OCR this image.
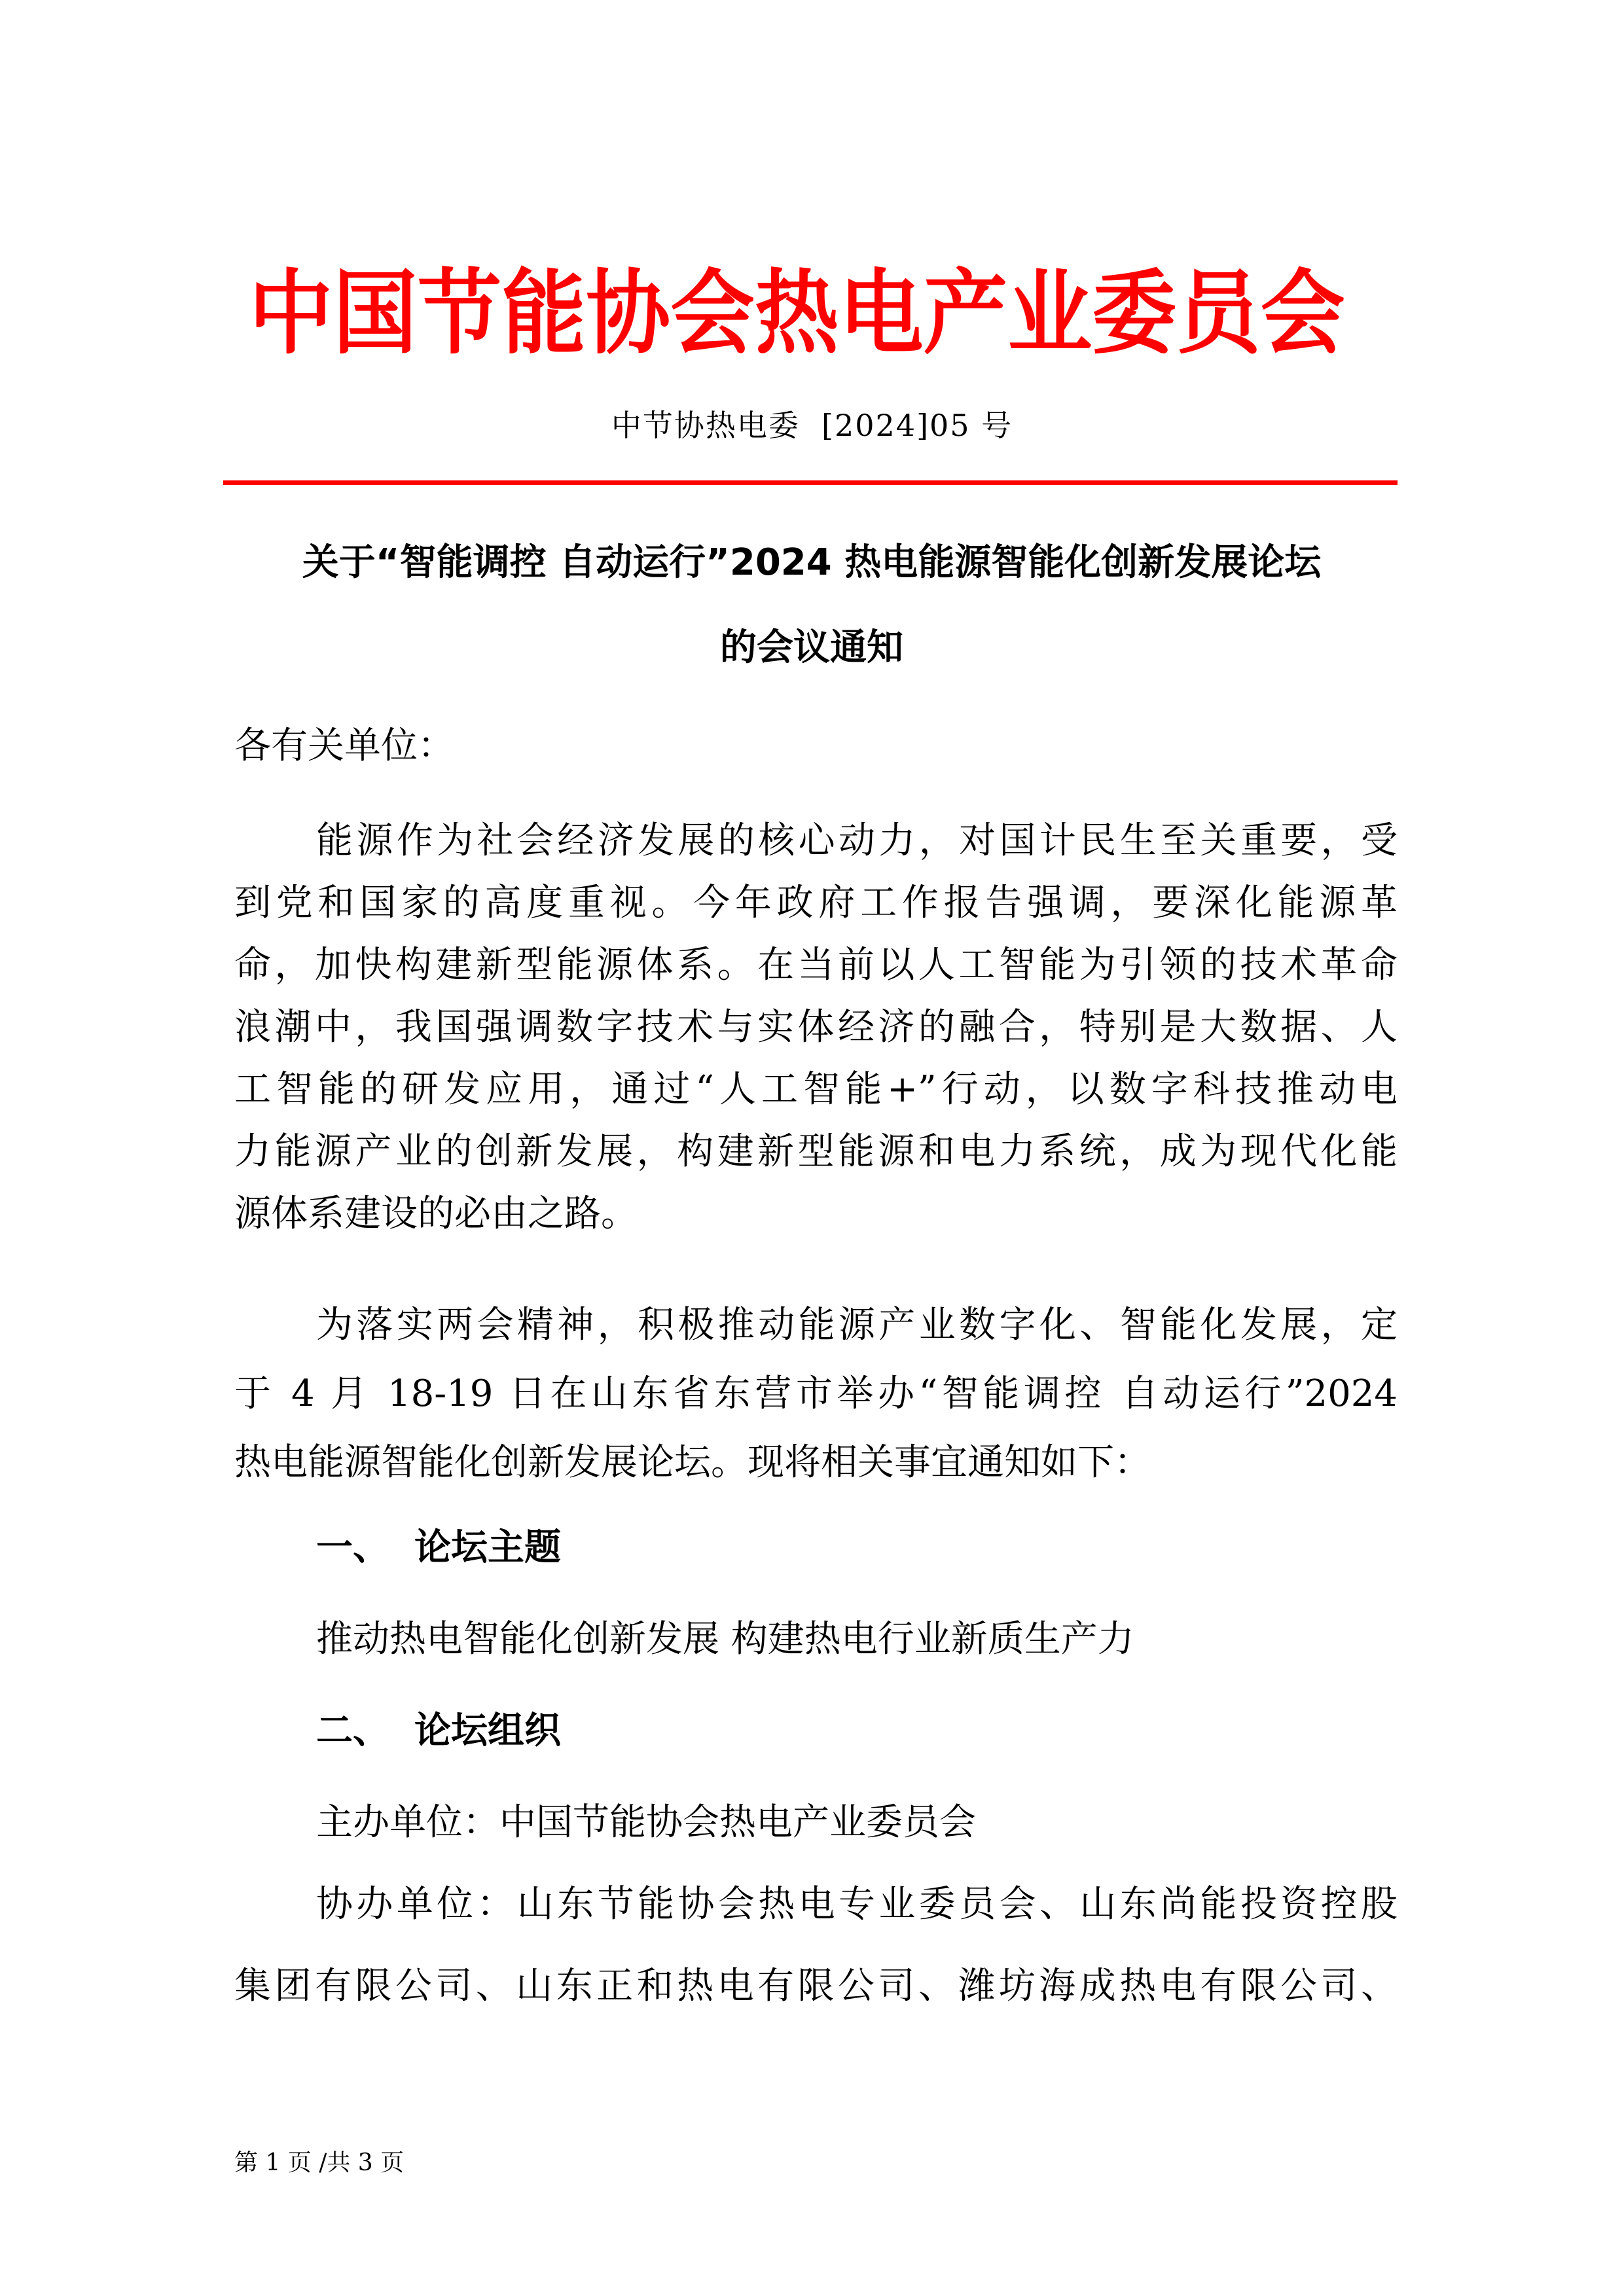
中 国 节 能 协 会 热 电 产 业 委 员 会
中节协热电委  [2024]05 号
关于“智能调控 自动运行”2024 热电能源智能化创新发展论坛
的会议通知
各有关单位：
能源作为社会经济发展的核心动力，对国计民生至关重要，受
到党和国家的高度重视。今年政府工作报告强调，要深化能源革
命，加快构建新型能源体系。在当前以人工智能为引领的技术革命
浪潮中，我国强调数字技术与实体经济的融合，特别是大数据、人
工智能的研发应用，通过“人工智能+”行动，以数字科技推动电
力能源产业的创新发展，构建新型能源和电力系统，成为现代化能
源体系建设的必由之路。
为落实两会精神，积极推动能源产业数字化、智能化发展，定
于 4 月 18-19 日在山东省东营市举办“智能调控 自动运行”2024
热电能源智能化创新发展论坛。现将相关事宜通知如下：
一、 论坛主题
推动热电智能化创新发展 构建热电行业新质生产力
二、 论坛组织
主办单位：中国节能协会热电产业委员会
协办单位：山东节能协会热电专业委员会、山东尚能投资控股
集团有限公司、山东正和热电有限公司、潍坊海成热电有限公司、
第 1 页 /共 3 页
